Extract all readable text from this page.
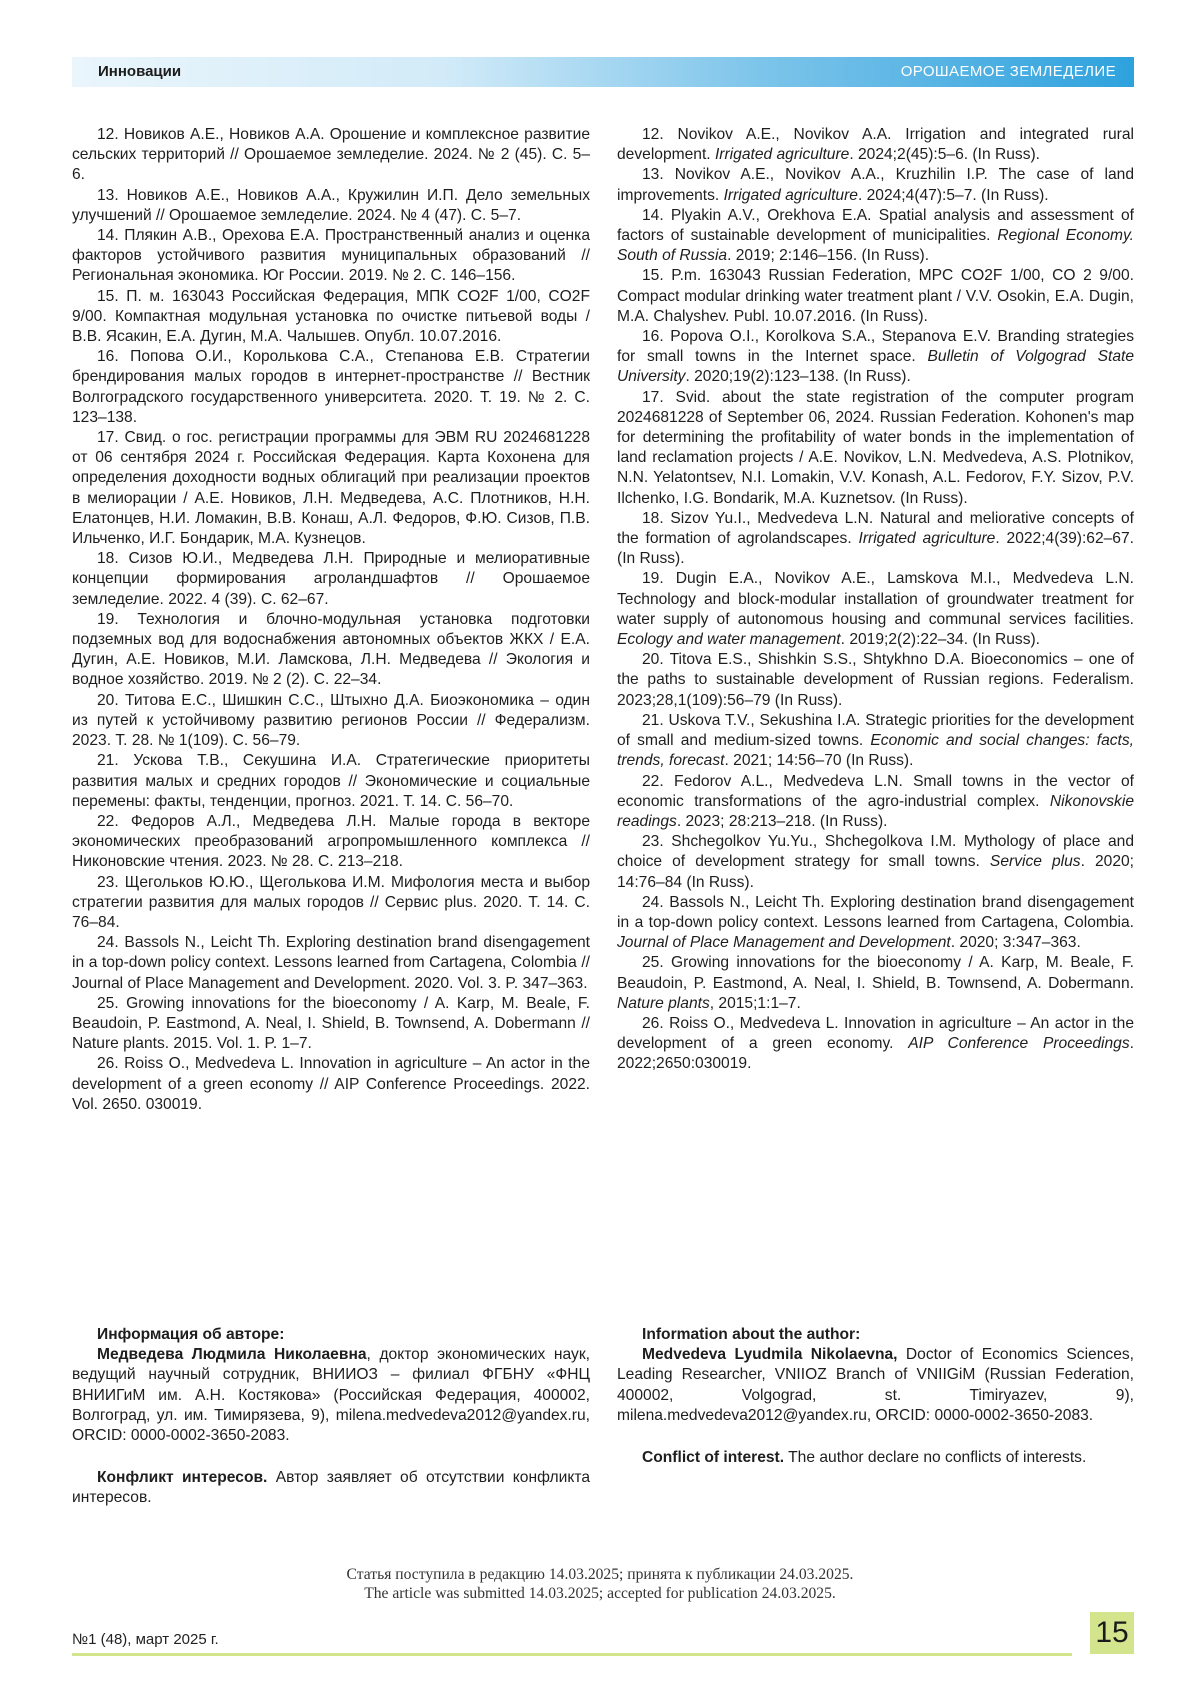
Инновации	ОРОШАЕМОЕ ЗЕМЛЕДЕЛИЕ

12. Новиков А.Е., Новиков А.А. Орошение и комплексное развитие сельских территорий // Орошаемое земледелие. 2024. № 2 (45). С. 5–6.

13. Новиков А.Е., Новиков А.А., Кружилин И.П. Дело земельных улучшений // Орошаемое земледелие. 2024. № 4 (47). С. 5–7.

14. Плякин А.В., Орехова Е.А. Пространственный анализ и оценка факторов устойчивого развития муниципальных образований // Региональная экономика. Юг России. 2019. № 2. С. 146–156.

15. П. м. 163043 Российская Федерация, МПК CO2F 1/00, CO2F 9/00. Компактная модульная установка по очистке питьевой воды / В.В. Ясакин, Е.А. Дугин, М.А. Чалышев. Опубл. 10.07.2016.

16. Попова О.И., Королькова С.А., Степанова Е.В. Стратегии брендирования малых городов в интернет-пространстве // Вестник Волгоградского государственного университета. 2020. Т. 19. № 2. С. 123–138.

17. Свид. о гос. регистрации программы для ЭВМ RU 2024681228 от 06 сентября 2024 г. Российская Федерация. Карта Кохонена для определения доходности водных облигаций при реализации проектов в мелиорации / А.Е. Новиков, Л.Н. Медведева, А.С. Плотников, Н.Н. Елатонцев, Н.И. Ломакин, В.В. Конаш, А.Л. Федоров, Ф.Ю. Сизов, П.В. Ильченко, И.Г. Бондарик, М.А. Кузнецов.

18. Сизов Ю.И., Медведева Л.Н. Природные и мелиоративные концепции формирования агроландшафтов // Орошаемое земледелие. 2022. 4 (39). С. 62–67.

19. Технология и блочно-модульная установка подготовки подземных вод для водоснабжения автономных объектов ЖКХ / Е.А. Дугин, А.Е. Новиков, М.И. Ламскова, Л.Н. Медведева // Экология и водное хозяйство. 2019. № 2 (2). С. 22–34.

20. Титова Е.С., Шишкин С.С., Штыхно Д.А. Биоэкономика – один из путей к устойчивому развитию регионов России // Федерализм. 2023. Т. 28. № 1(109). С. 56–79.

21. Ускова Т.В., Секушина И.А. Стратегические приоритеты развития малых и средних городов // Экономические и социальные перемены: факты, тенденции, прогноз. 2021. Т. 14. С. 56–70.

22. Федоров А.Л., Медведева Л.Н. Малые города в векторе экономических преобразований агропромышленного комплекса // Никоновские чтения. 2023. № 28. С. 213–218.

23. Щегольков Ю.Ю., Щеголькова И.М. Мифология места и выбор стратегии развития для малых городов // Сервис plus. 2020. Т. 14. С. 76–84.

24. Bassols N., Leicht Th. Exploring destination brand disengagement in a top-down policy context. Lessons learned from Cartagena, Colombia // Journal of Place Management and Development. 2020. Vol. 3. P. 347–363.

25. Growing innovations for the bioeconomy / A. Karp, M. Beale, F. Beaudoin, P. Eastmond, A. Neal, I. Shield, B. Townsend, A. Dobermann // Nature plants. 2015. Vol. 1. P. 1–7.

26. Roiss O., Medvedeva L. Innovation in agriculture – An actor in the development of a green economy // AIP Conference Proceedings. 2022. Vol. 2650. 030019.

12. Novikov A.E., Novikov A.A. Irrigation and integrated rural development. Irrigated agriculture. 2024;2(45):5–6. (In Russ).

13. Novikov A.E., Novikov A.A., Kruzhilin I.P. The case of land improvements. Irrigated agriculture. 2024;4(47):5–7. (In Russ).

14. Plyakin A.V., Orekhova E.A. Spatial analysis and assessment of factors of sustainable development of municipalities. Regional Economy. South of Russia. 2019; 2:146–156. (In Russ).

15. P.m. 163043 Russian Federation, MPC CO2F 1/00, CO 2 9/00. Compact modular drinking water treatment plant / V.V. Osokin, E.A. Dugin, M.A. Chalyshev. Publ. 10.07.2016. (In Russ).

16. Popova O.I., Korolkova S.A., Stepanova E.V. Branding strategies for small towns in the Internet space. Bulletin of Volgograd State University. 2020;19(2):123–138. (In Russ).

17. Svid. about the state registration of the computer program 2024681228 of September 06, 2024. Russian Federation. Kohonen's map for determining the profitability of water bonds in the implementation of land reclamation projects / A.E. Novikov, L.N. Medvedeva, A.S. Plotnikov, N.N. Yelatontsev, N.I. Lomakin, V.V. Konash, A.L. Fedorov, F.Y. Sizov, P.V. Ilchenko, I.G. Bondarik, M.A. Kuznetsov. (In Russ).

18. Sizov Yu.I., Medvedeva L.N. Natural and meliorative concepts of the formation of agrolandscapes. Irrigated agriculture. 2022;4(39):62–67. (In Russ).

19. Dugin E.A., Novikov A.E., Lamskova M.I., Medvedeva L.N. Technology and block-modular installation of groundwater treatment for water supply of autonomous housing and communal services facilities. Ecology and water management. 2019;2(2):22–34. (In Russ).

20. Titova E.S., Shishkin S.S., Shtykhno D.A. Bioeconomics – one of the paths to sustainable development of Russian regions. Federalism. 2023;28,1(109):56–79 (In Russ).

21. Uskova T.V., Sekushina I.A. Strategic priorities for the development of small and medium-sized towns. Economic and social changes: facts, trends, forecast. 2021; 14:56–70 (In Russ).

22. Fedorov A.L., Medvedeva L.N. Small towns in the vector of economic transformations of the agro-industrial complex. Nikonovskie readings. 2023; 28:213–218. (In Russ).

23. Shchegolkov Yu.Yu., Shchegolkova I.M. Mythology of place and choice of development strategy for small towns. Service plus. 2020; 14:76–84 (In Russ).

24. Bassols N., Leicht Th. Exploring destination brand disengagement in a top-down policy context. Lessons learned from Cartagena, Colombia. Journal of Place Management and Development. 2020; 3:347–363.

25. Growing innovations for the bioeconomy / A. Karp, M. Beale, F. Beaudoin, P. Eastmond, A. Neal, I. Shield, B. Townsend, A. Dobermann. Nature plants, 2015;1:1–7.

26. Roiss O., Medvedeva L. Innovation in agriculture – An actor in the development of a green economy. AIP Conference Proceedings. 2022;2650:030019.

Информация об авторе:

Медведева Людмила Николаевна, доктор экономических наук, ведущий научный сотрудник, ВНИИОЗ – филиал ФГБНУ «ФНЦ ВНИИГиМ им. А.Н. Костякова» (Российская Федерация, 400002, Волгоград, ул. им. Тимирязева, 9), milena.medvedeva2012@yandex.ru, ORCID: 0000-0002-3650-2083.

Конфликт интересов. Автор заявляет об отсутствии конфликта интересов.

Information about the author:

Medvedeva Lyudmila Nikolaevna, Doctor of Economics Sciences, Leading Researcher, VNIIOZ Branch of VNIIGiM (Russian Federation, 400002, Volgograd, st. Timiryazev, 9), milena.medvedeva2012@yandex.ru, ORCID: 0000-0002-3650-2083.

Conflict of interest. The author declare no conflicts of interests.

Статья поступила в редакцию 14.03.2025; принята к публикации 24.03.2025.
The article was submitted 14.03.2025; accepted for publication 24.03.2025.
№1 (48), март 2025 г.	15
